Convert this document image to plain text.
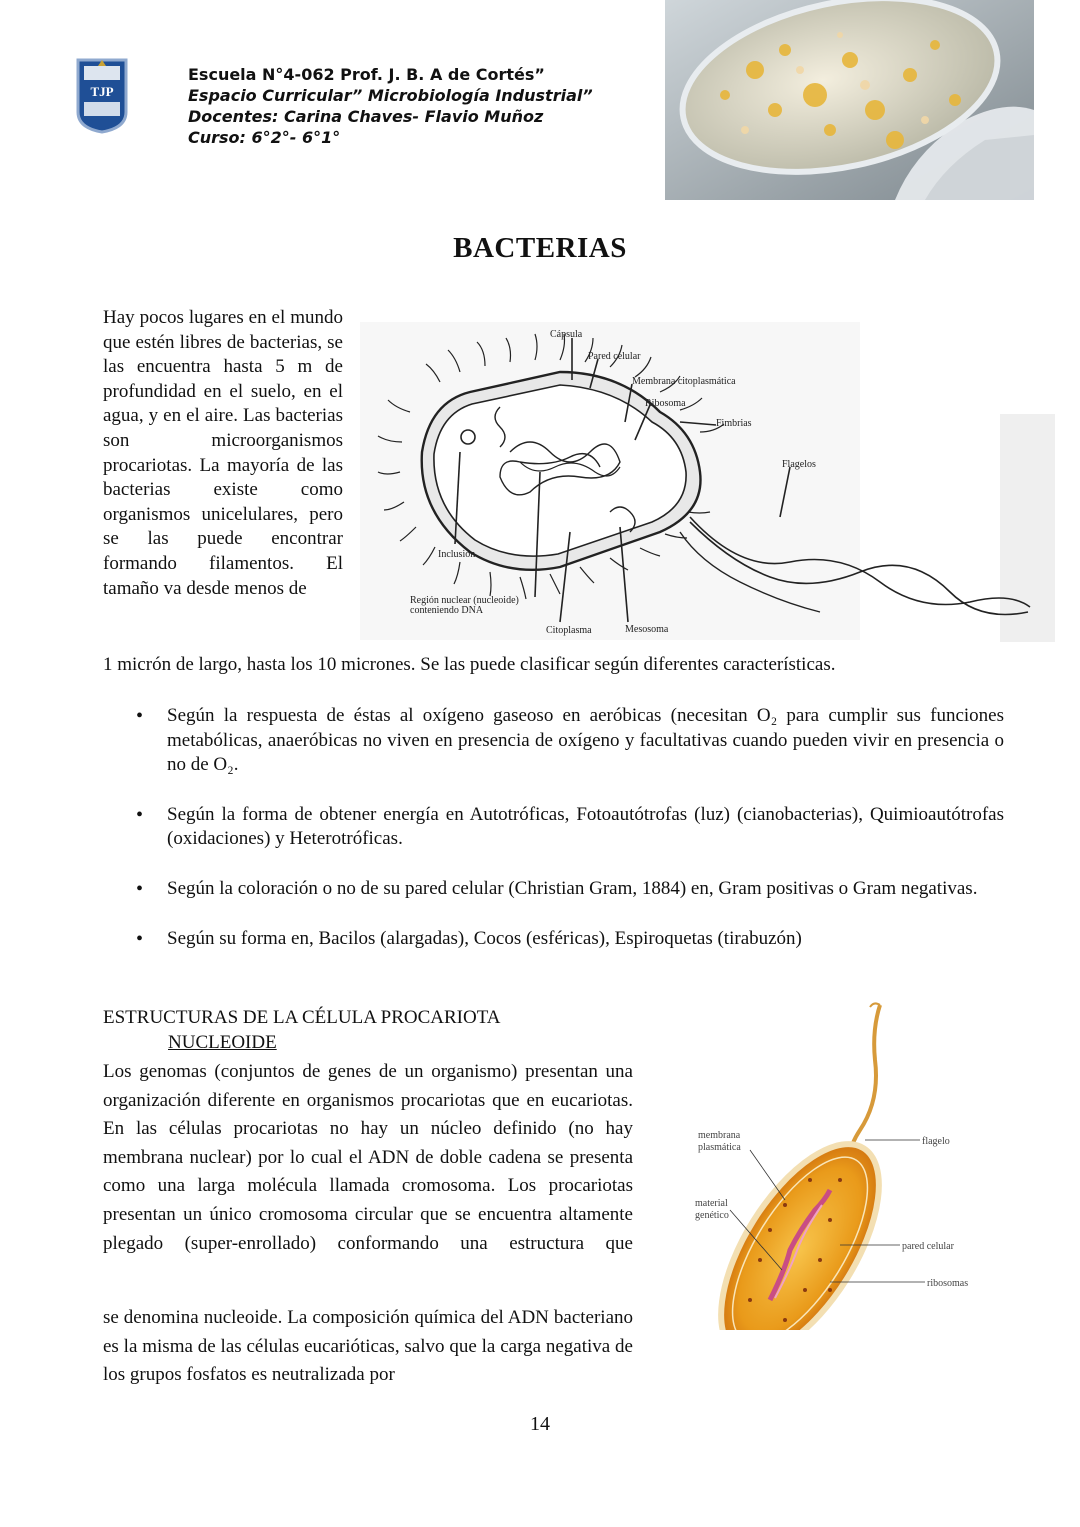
TJP
Escuela N°4-062 Prof. J. B. A de Cortés”
Espacio Curricular” Microbiología Industrial”
Docentes: Carina Chaves- Flavio Muñoz
Curso: 6°2°- 6°1°
BACTERIAS
Hay pocos lugares en el mundo que estén libres de bacterias, se las encuentra hasta 5 m de profundidad en el suelo, en el agua, y en el aire. Las bacterias son microorganismos procariotas. La mayoría de las bacterias existe como organismos unicelulares, pero se las puede encontrar formando filamentos. El tamaño va desde menos de
1 micrón de largo, hasta los 10 micrones. Se las puede clasificar según diferentes características.
Cápsula
Pared celular
Membrana citoplasmática
Ribosoma
Fimbrias
Flagelos
Inclusión
Región nuclear (nucleoide)
conteniendo DNA
Citoplasma	Mesosoma
• Según la respuesta de éstas al oxígeno gaseoso en aeróbicas (necesitan O₂ para cumplir sus funciones metabólicas, anaeróbicas no viven en presencia de oxígeno y facultativas cuando pueden vivir en presencia o no de O₂.
• Según la forma de obtener energía en Autotróficas, Fotoautótrofas (luz) (cianobacterias), Quimioautótrofas (oxidaciones) y Heterotróficas.
• Según la coloración o no de su pared celular (Christian Gram, 1884) en, Gram positivas o Gram negativas.
• Según su forma en, Bacilos (alargadas), Cocos (esféricas), Espiroquetas (tirabuzón)
ESTRUCTURAS DE LA CÉLULA PROCARIOTA
NUCLEOIDE
Los genomas (conjuntos de genes de un organismo) presentan una organización diferente en organismos procariotas que en eucariotas. En las células procariotas no hay un núcleo definido (no hay membrana nuclear) por lo cual el ADN de doble cadena se presenta como una larga molécula llamada cromosoma. Los procariotas presentan un único cromosoma circular que se encuentra altamente plegado (super-enrollado) conformando una estructura que
se denomina nucleoide. La composición química del ADN bacteriano es la misma de las células eucarióticas, salvo que la carga negativa de los grupos fosfatos es neutralizada por
membrana
plasmática
material
genético
flagelo
pared celular
ribosomas
14
